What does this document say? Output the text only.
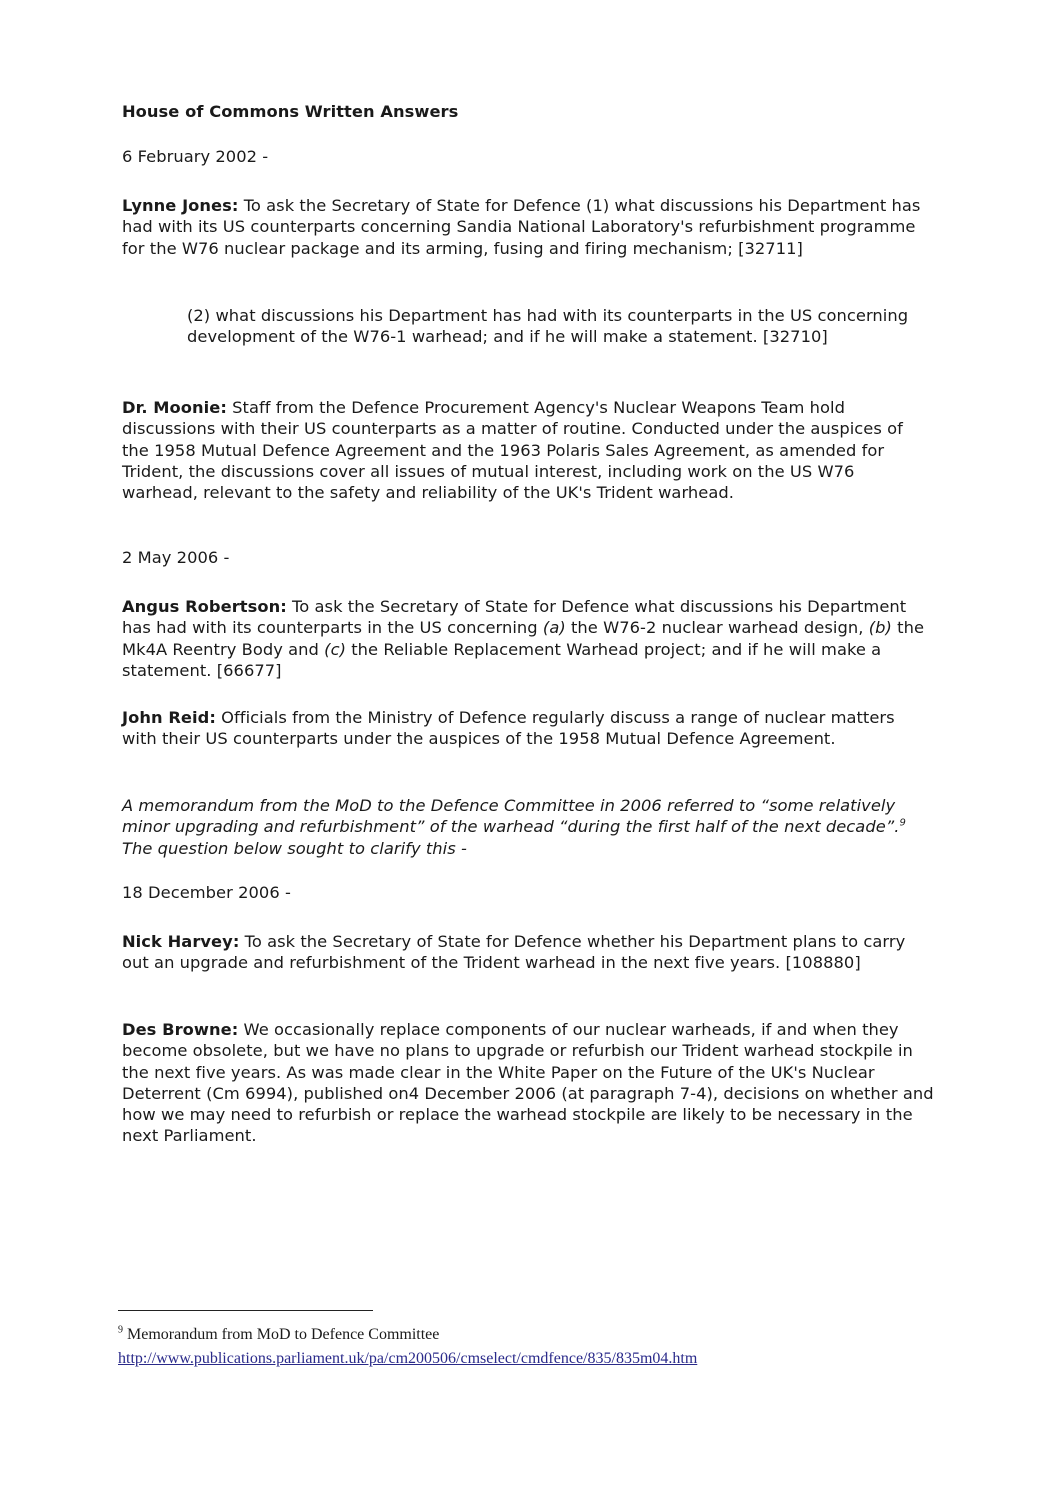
House of Commons Written Answers
6 February 2002 -
Lynne Jones: To ask the Secretary of State for Defence (1) what discussions his Department has had with its US counterparts concerning Sandia National Laboratory's refurbishment programme for the W76 nuclear package and its arming, fusing and firing mechanism; [32711]
(2) what discussions his Department has had with its counterparts in the US concerning development of the W76-1 warhead; and if he will make a statement. [32710]
Dr. Moonie: Staff from the Defence Procurement Agency's Nuclear Weapons Team hold discussions with their US counterparts as a matter of routine. Conducted under the auspices of the 1958 Mutual Defence Agreement and the 1963 Polaris Sales Agreement, as amended for Trident, the discussions cover all issues of mutual interest, including work on the US W76 warhead, relevant to the safety and reliability of the UK's Trident warhead.
2 May 2006 -
Angus Robertson: To ask the Secretary of State for Defence what discussions his Department has had with its counterparts in the US concerning (a) the W76-2 nuclear warhead design, (b) the Mk4A Reentry Body and (c) the Reliable Replacement Warhead project; and if he will make a statement. [66677]
John Reid: Officials from the Ministry of Defence regularly discuss a range of nuclear matters with their US counterparts under the auspices of the 1958 Mutual Defence Agreement.
A memorandum from the MoD to the Defence Committee in 2006 referred to “some relatively minor upgrading and refurbishment” of the warhead “during the first half of the next decade”.$^9$   The question below sought to clarify this -
18 December 2006 -
Nick Harvey: To ask the Secretary of State for Defence whether his Department plans to carry out an upgrade and refurbishment of the Trident warhead in the next five years. [108880]
Des Browne: We occasionally replace components of our nuclear warheads, if and when they become obsolete, but we have no plans to upgrade or refurbish our Trident warhead stockpile in the next five years. As was made clear in the White Paper on the Future of the UK's Nuclear Deterrent (Cm 6994), published on4 December 2006 (at paragraph 7-4), decisions on whether and how we may need to refurbish or replace the warhead stockpile are likely to be necessary in the next Parliament.
$^9$ Memorandum from MoD to Defence Committee
http://www.publications.parliament.uk/pa/cm200506/cmselect/cmdfence/835/835m04.htm
